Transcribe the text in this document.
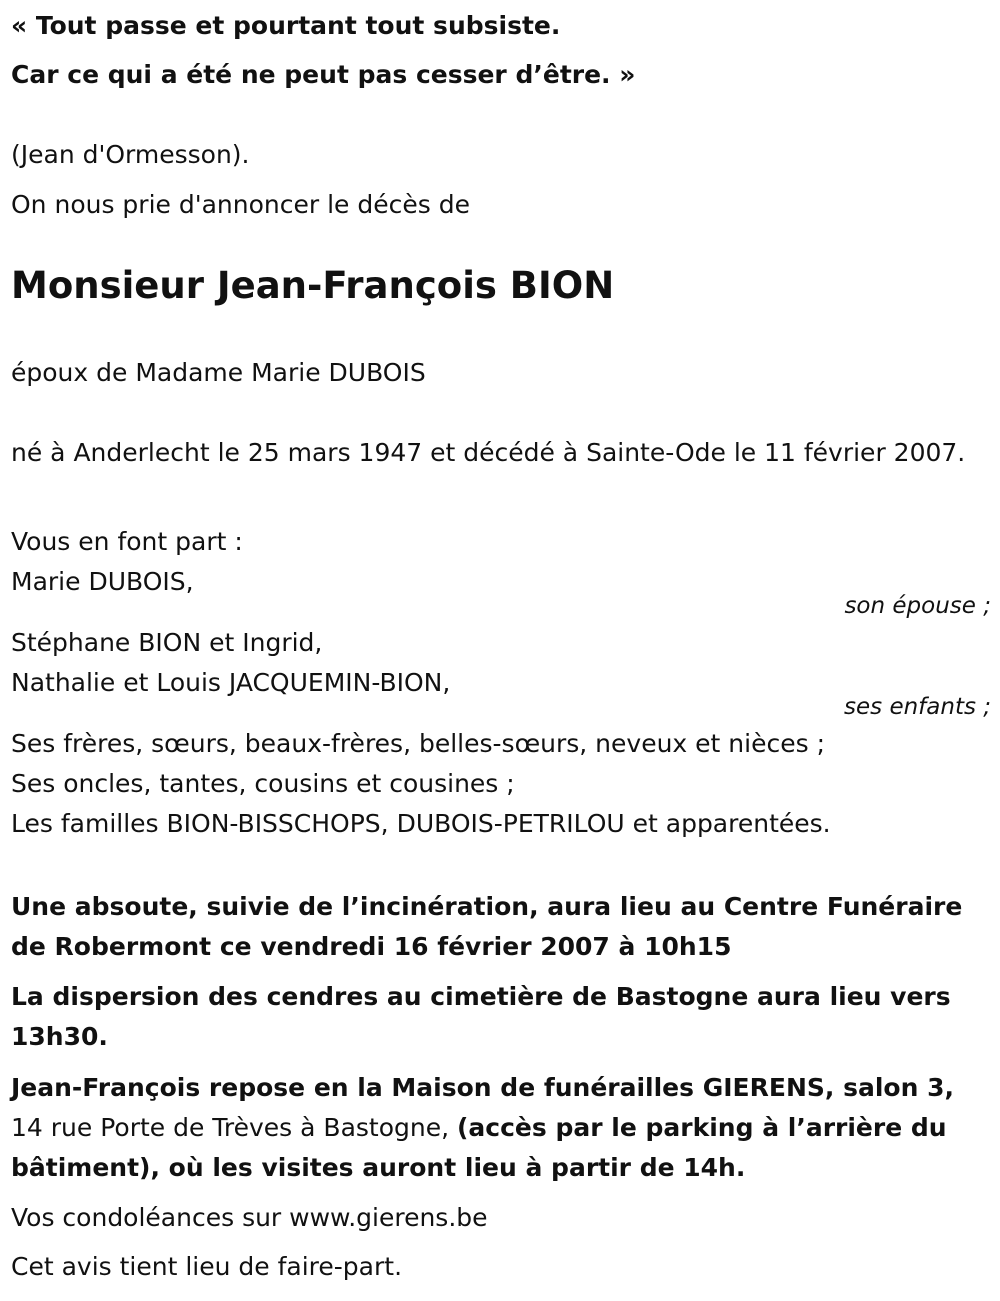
« Tout passe et pourtant tout subsiste.
Car ce qui a été ne peut pas cesser d’être. »
(Jean d'Ormesson).
On nous prie d'annoncer le décès de
Monsieur Jean-François BION
époux de Madame Marie DUBOIS
né à Anderlecht le 25 mars 1947 et décédé à Sainte-Ode le 11 février 2007.
Vous en font part :
Marie DUBOIS,
son épouse ;
Stéphane BION et Ingrid,
Nathalie et Louis JACQUEMIN-BION,
ses enfants ;
Ses frères, sœurs, beaux-frères, belles-sœurs, neveux et nièces ;
Ses oncles, tantes, cousins et cousines ;
Les familles BION-BISSCHOPS, DUBOIS-PETRILOU et apparentées.
Une absoute, suivie de l’incinération, aura lieu au Centre Funéraire de Robermont ce vendredi 16 février 2007 à 10h15
La dispersion des cendres au cimetière de Bastogne aura lieu vers 13h30.
Jean-François repose en la Maison de funérailles GIERENS, salon 3, 14 rue Porte de Trèves à Bastogne, (accès par le parking à l’arrière du bâtiment), où les visites auront lieu à partir de 14h.
Vos condoléances sur www.gierens.be
Cet avis tient lieu de faire-part.
